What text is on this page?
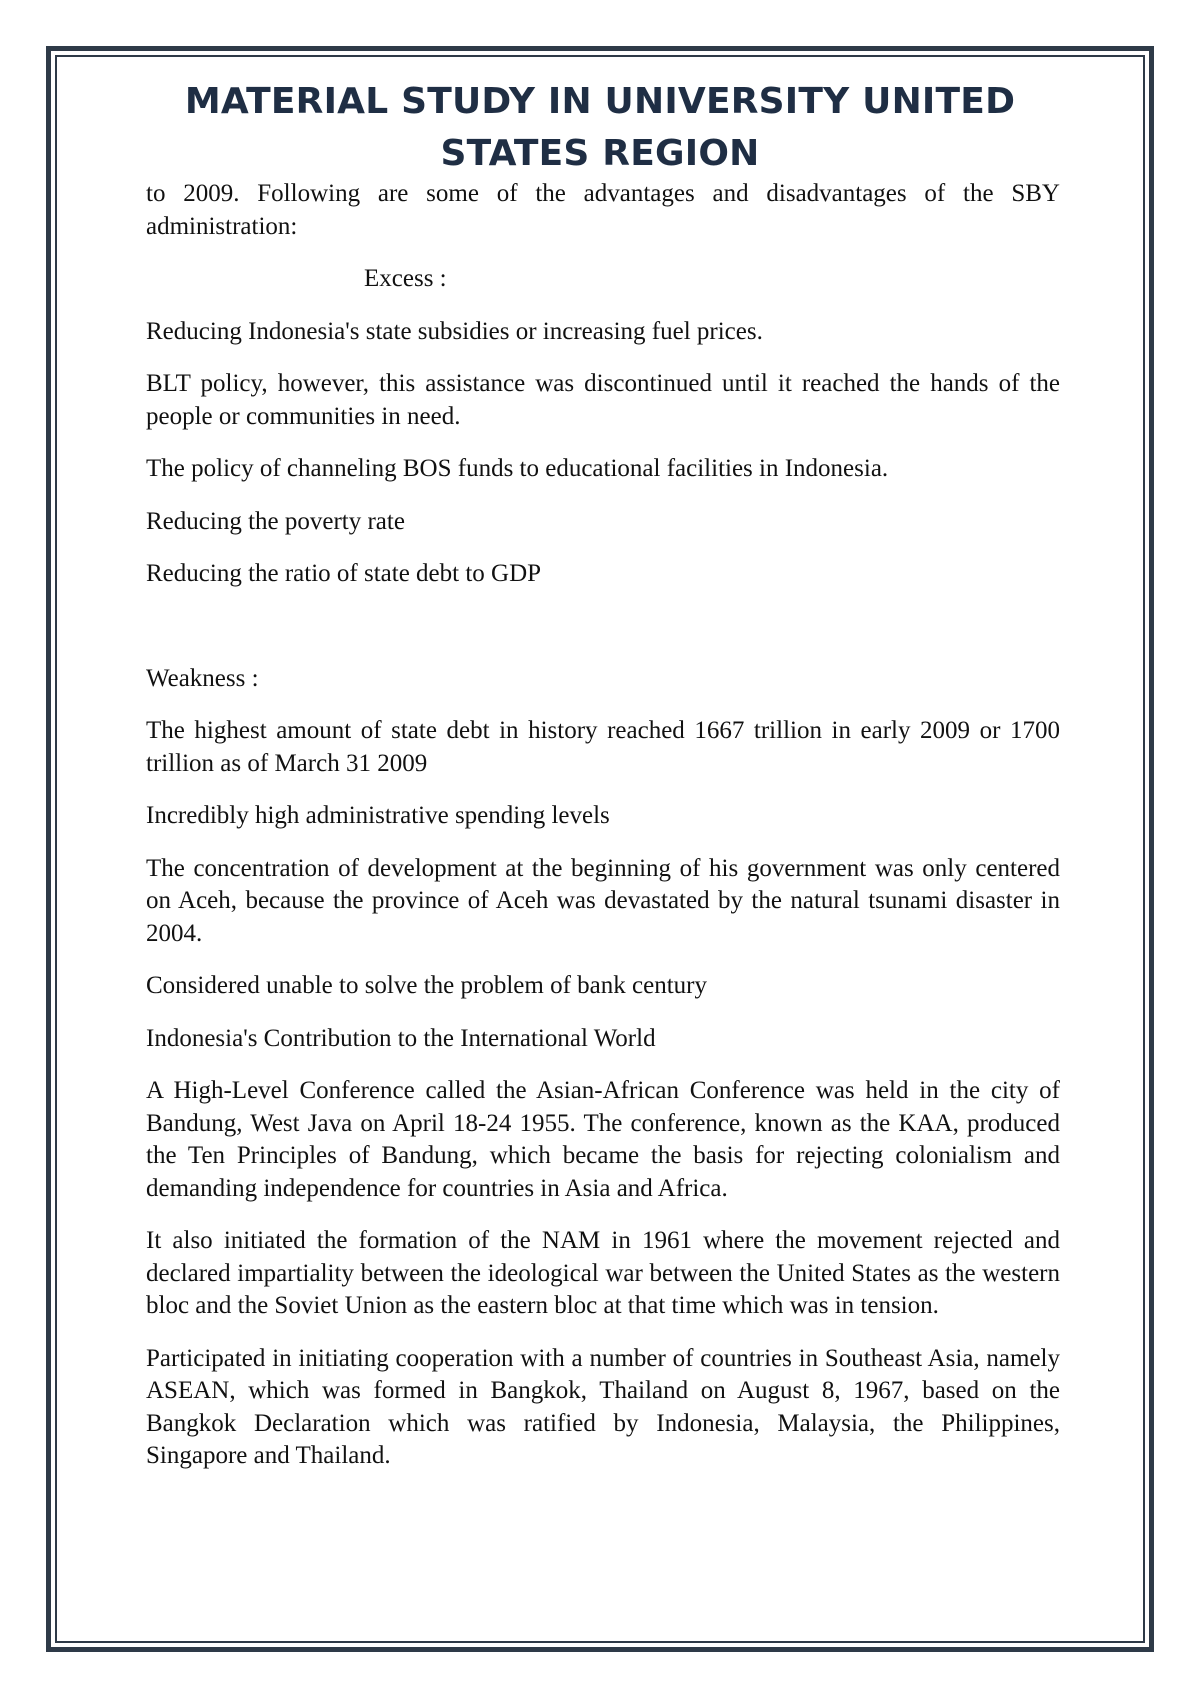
MATERIAL STUDY IN UNIVERSITY UNITED
STATES REGION

to 2009. Following are some of the advantages and disadvantages of the SBY administration:

Excess :

Reducing Indonesia's state subsidies or increasing fuel prices.

BLT policy, however, this assistance was discontinued until it reached the hands of the people or communities in need.

The policy of channeling BOS funds to educational facilities in Indonesia.

Reducing the poverty rate

Reducing the ratio of state debt to GDP

Weakness :

The highest amount of state debt in history reached 1667 trillion in early 2009 or 1700 trillion as of March 31 2009

Incredibly high administrative spending levels

The concentration of development at the beginning of his government was only centered on Aceh, because the province of Aceh was devastated by the natural tsunami disaster in 2004.

Considered unable to solve the problem of bank century

Indonesia's Contribution to the International World

A High-Level Conference called the Asian-African Conference was held in the city of Bandung, West Java on April 18-24 1955. The conference, known as the KAA, produced the Ten Principles of Bandung, which became the basis for rejecting colonialism and demanding independence for countries in Asia and Africa.

It also initiated the formation of the NAM in 1961 where the movement rejected and declared impartiality between the ideological war between the United States as the western bloc and the Soviet Union as the eastern bloc at that time which was in tension.

Participated in initiating cooperation with a number of countries in Southeast Asia, namely ASEAN, which was formed in Bangkok, Thailand on August 8, 1967, based on the Bangkok Declaration which was ratified by Indonesia, Malaysia, the Philippines, Singapore and Thailand.
